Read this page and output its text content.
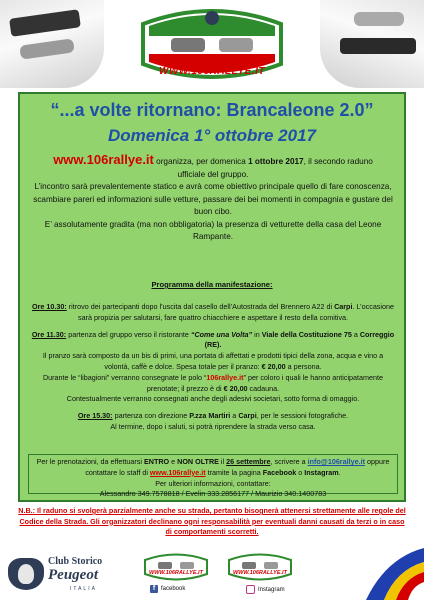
WWW.106RALLYE.IT
“...a volte ritornano: Brancaleone 2.0”
Domenica 1° ottobre 2017
www.106rallye.it organizza, per domenica 1 ottobre 2017, il secondo raduno
ufficiale del gruppo.
L’incontro sarà prevalentemente statico e avrà come obiettivo principale quello di fare conoscenza, scambiare pareri ed informazioni sulle vetture, passare dei bei momenti in compagnia e gustare del buon cibo.
E’ assolutamente gradita (ma non obbligatoria) la presenza di vetturette della casa del Leone Rampante.
Programma della manifestazione:

Ore 10.30: ritrovo dei partecipanti dopo l’uscita dal casello dell’Autostrada del Brennero A22 di Carpi. L’occasione sarà propizia per salutarsi, fare quattro chiacchiere e aspettare il resto della comitiva.

Ore 11.30: partenza del gruppo verso il ristorante “Come una Volta” in Viale della Costituzione 75 a Correggio (RE).

Il pranzo sarà composto da un bis di primi, una portata di affettati e prodotti tipici della zona, acqua e vino a volontà, caffè e dolce. Spesa totale per il pranzo: € 20,00 a persona.

Durante le “libagioni” verranno consegnate le polo “106rallye.it” per coloro i quali le hanno anticipatamente prenotate; il prezzo è di € 20,00 cadauna.

Contestualmente verranno consegnati anche degli adesivi societari, sotto forma di omaggio.

Ore 15.30: partenza con direzione P.zza Martiri a Carpi, per le sessioni fotografiche.

Al termine, dopo i saluti, si potrà riprendere la strada verso casa.

Per le prenotazioni, da effettuarsi ENTRO e NON OLTRE il 26 settembre, scrivere a info@106rallye.it oppure
contattare lo staff di www.106rallye.it tramite la pagina Facebook o Instagram.
Per ulteriori informazioni, contattare:
Alessandro 349.7578818 / Evelin 333.2856177 / Maurizio 340.1400783
N.B.: Il raduno si svolgerà parzialmente anche su strada, pertanto bisognerà attenersi strettamente alle regole del Codice della Strada. Gli organizzatori declinano ogni responsabilità per eventuali danni causati da terzi o in caso di comportamenti scorretti.
Club Storico
Peugeot
ITALIA
WWW.106RALLYE.IT
f facebook
WWW.106RALLYE.IT
Instagram
